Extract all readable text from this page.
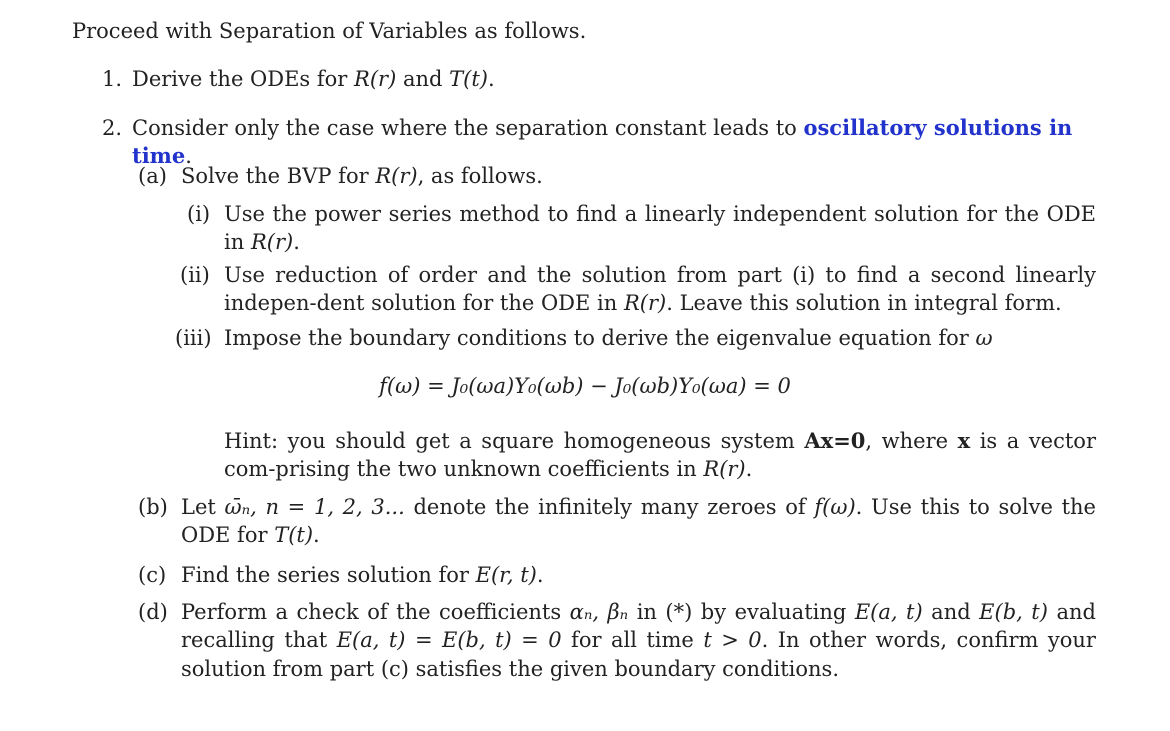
Proceed with Separation of Variables as follows.
1. Derive the ODEs for R(r) and T(t).
2. Consider only the case where the separation constant leads to oscillatory solutions in time.
(a) Solve the BVP for R(r), as follows.
(i) Use the power series method to find a linearly independent solution for the ODE in R(r).
(ii) Use reduction of order and the solution from part (i) to find a second linearly indepen-dent solution for the ODE in R(r). Leave this solution in integral form.
(iii) Impose the boundary conditions to derive the eigenvalue equation for ω
f(ω) = J₀(ωa)Y₀(ωb) − J₀(ωb)Y₀(ωa) = 0
Hint: you should get a square homogeneous system Ax=0, where x is a vector com-prising the two unknown coefficients in R(r).
(b) Let ω̄ₙ, n = 1, 2, 3... denote the infinitely many zeroes of f(ω). Use this to solve the ODE for T(t).
(c) Find the series solution for E(r, t).
(d) Perform a check of the coefficients αₙ, βₙ in (*) by evaluating E(a, t) and E(b, t) and recalling that E(a, t) = E(b, t) = 0 for all time t > 0. In other words, confirm your solution from part (c) satisfies the given boundary conditions.
